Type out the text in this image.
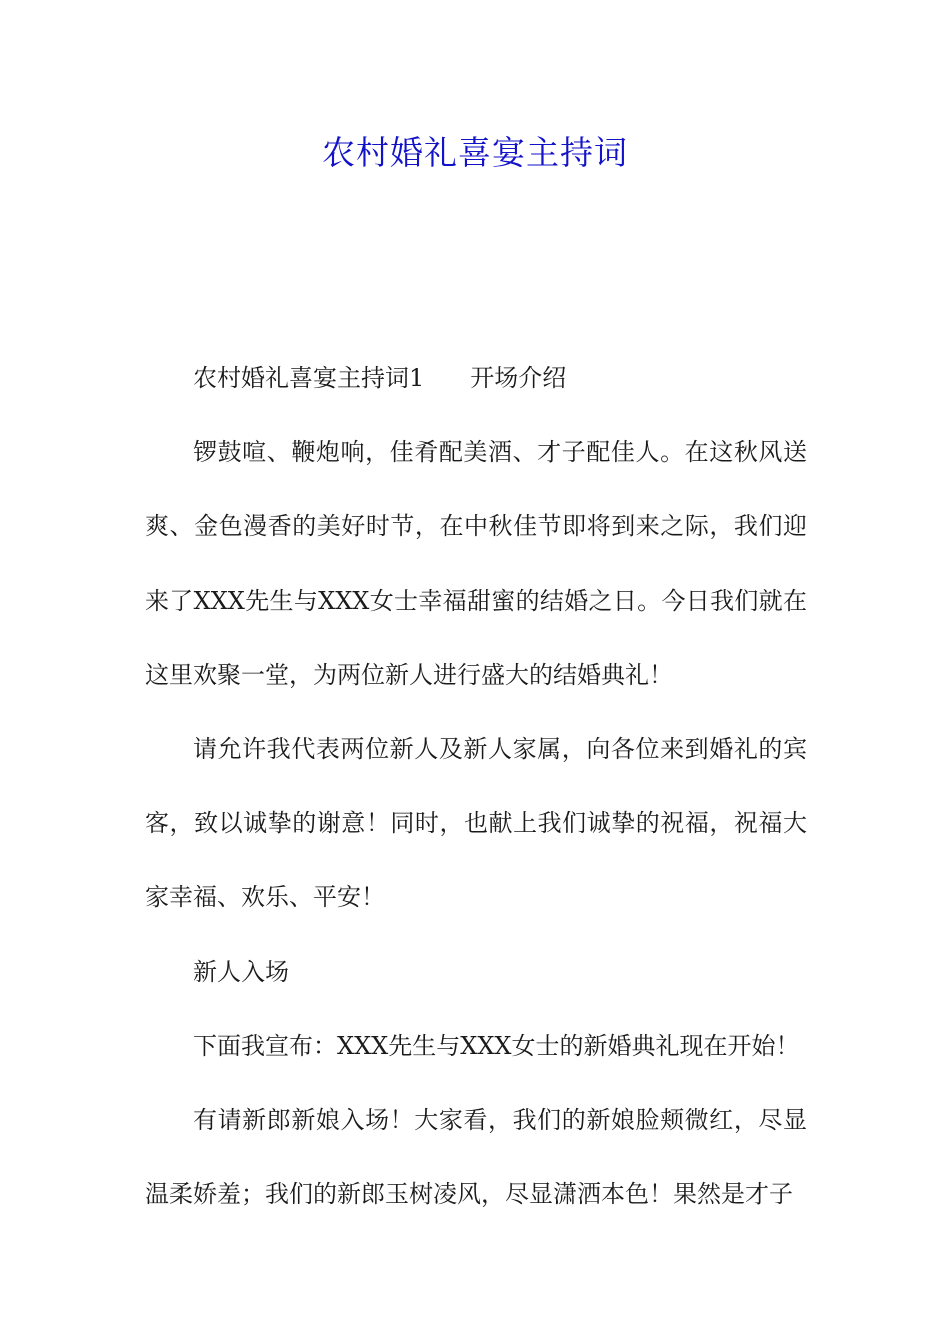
农村婚礼喜宴主持词

农村婚礼喜宴主持词1 开场介绍

锣鼓喧、鞭炮响，佳肴配美酒、才子配佳人。在这秋风送爽、金色漫香的美好时节，在中秋佳节即将到来之际，我们迎来了XXX先生与XXX女士幸福甜蜜的结婚之日。今日我们就在这里欢聚一堂，为两位新人进行盛大的结婚典礼！

请允许我代表两位新人及新人家属，向各位来到婚礼的宾客，致以诚挚的谢意！同时，也献上我们诚挚的祝福，祝福大家幸福、欢乐、平安！

新人入场

下面我宣布：XXX先生与XXX女士的新婚典礼现在开始！

有请新郎新娘入场！大家看，我们的新娘脸颊微红，尽显温柔娇羞；我们的新郎玉树凌风，尽显潇洒本色！果然是才子
